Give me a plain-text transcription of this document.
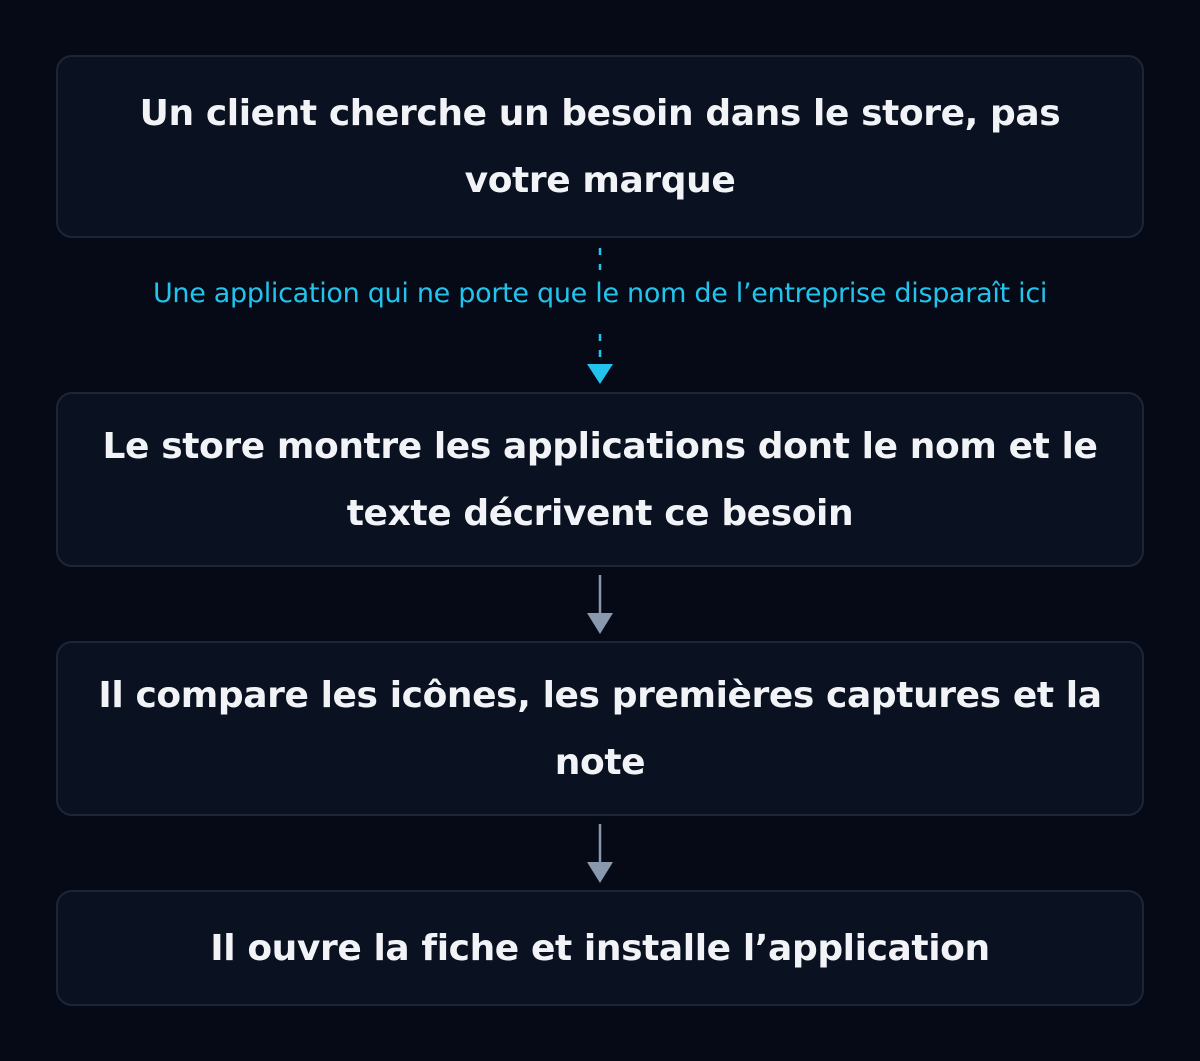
Un client cherche un besoin dans le store, pas votre marque
Une application qui ne porte que le nom de l’entreprise disparaît ici
Le store montre les applications dont le nom et le texte décrivent ce besoin
Il compare les icônes, les premières captures et la note
Il ouvre la fiche et installe l’application
